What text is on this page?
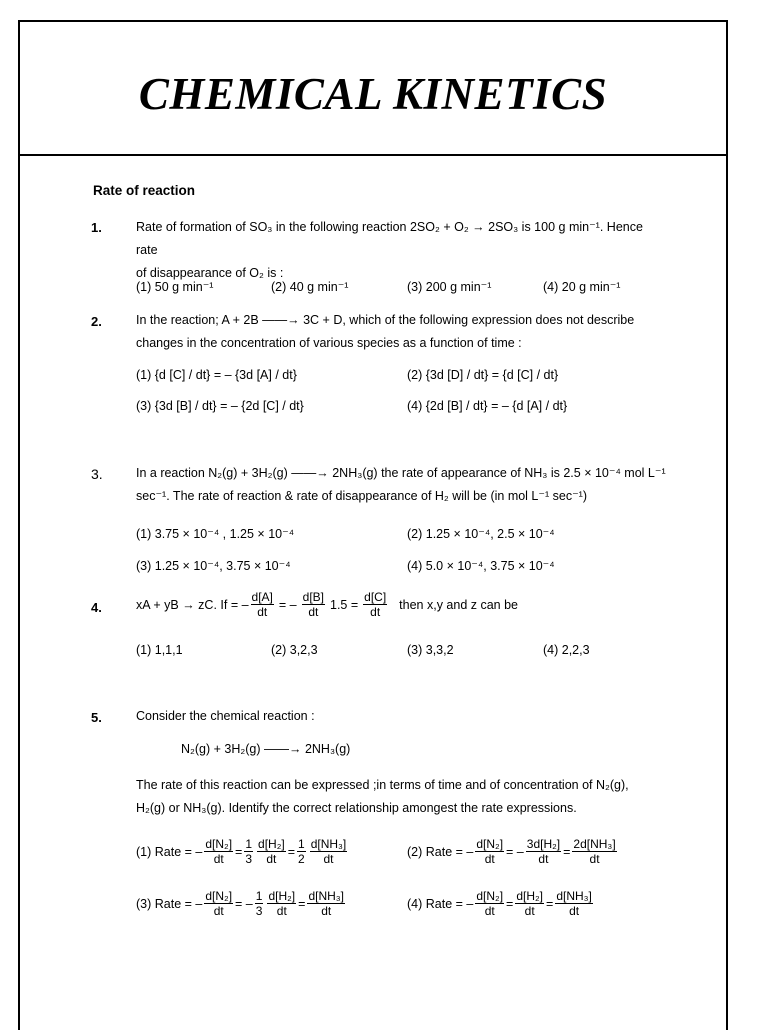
CHEMICAL KINETICS
Rate of reaction
1.	Rate of formation of SO₃ in the following reaction 2SO₂ + O₂ → 2SO₃ is 100 g min⁻¹. Hence rate
of disappearance of O₂ is :
(1) 50 g min⁻¹	(2) 40 g min⁻¹	(3) 200 g min⁻¹	(4) 20 g min⁻¹
2.	In the reaction; A + 2B ——→ 3C + D, which of the following expression does not describe
changes in the concentration of various species as a function of time :
(1) {d [C] / dt} = – {3d [A] / dt}	(2) {3d [D] / dt} = {d [C] / dt}
(3) {3d [B] / dt} = – {2d [C] / dt}	(4) {2d [B] / dt} = – {d [A] / dt}
3.	In a reaction N₂(g) + 3H₂(g) ——→ 2NH₃(g) the rate of appearance of NH₃ is 2.5 × 10⁻⁴ mol L⁻¹
sec⁻¹. The rate of reaction & rate of disappearance of H₂ will be (in mol L⁻¹ sec⁻¹)
(1) 3.75 × 10⁻⁴ , 1.25 × 10⁻⁴	(2) 1.25 × 10⁻⁴, 2.5 × 10⁻⁴
(3) 1.25 × 10⁻⁴, 3.75 × 10⁻⁴	(4) 5.0 × 10⁻⁴, 3.75 × 10⁻⁴
4.	xA + yB → zC. If = – $\frac{d[A]}{dt}$ = – $\frac{d[B]}{dt} 1.5 = \frac{d[C]}{dt}$ then x,y and z can be
(1) 1,1,1	(2) 3,2,3	(3) 3,3,2	(4) 2,2,3
5.	Consider the chemical reaction :
N₂(g) + 3H₂(g) ——→ 2NH₃(g)
The rate of this reaction can be expressed ;in terms of time and of concentration of N₂(g),
H₂(g) or NH₃(g). Identify the correct relationship amongest the rate expressions.
(1) Rate = – $\frac{\text{d[N₂]}}{dt} = \frac{1}{3} \frac{\text{d[H₂]}}{dt} = \frac{1}{2} \frac{\text{d[NH₃]}}{dt}$	(2) Rate = – $\frac{\text{d[N₂]}}{dt}$ = – $\frac{\text{3d[H₂]}}{dt} = \frac{\text{2d[NH₃]}}{dt}$
(3) Rate = – $\frac{\text{d[N₂]}}{dt}$ = – $\frac{1}{3} \frac{\text{d[H₂]}}{dt} = \frac{\text{d[NH₃]}}{dt}$	(4) Rate = – $\frac{\text{d[N₂]}}{dt} = \frac{\text{d[H₂]}}{dt} = \frac{\text{d[NH₃]}}{dt}$
